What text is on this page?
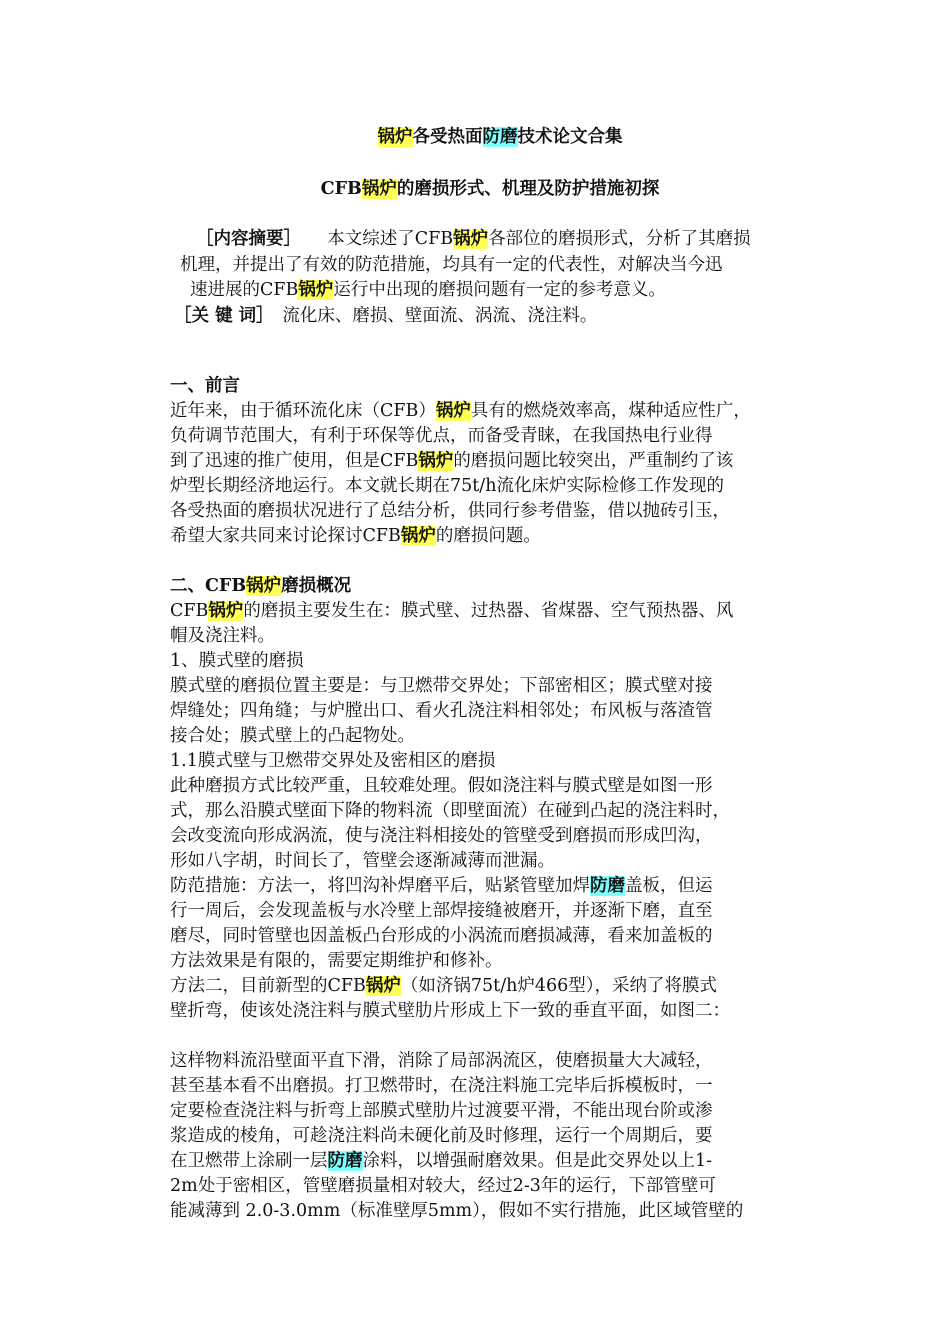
锅炉各受热面防磨技术论文合集
CFB锅炉的磨损形式、机理及防护措施初探
［内容摘要］　　本文综述了CFB锅炉各部位的磨损形式，分析了其磨损
机理，并提出了有效的防范措施，均具有一定的代表性，对解决当今迅
速进展的CFB锅炉运行中出现的磨损问题有一定的参考意义。
［关 键 词］　流化床、磨损、壁面流、涡流、浇注料。
一、前言
近年来，由于循环流化床（CFB）锅炉具有的燃烧效率高，煤种适应性广，
负荷调节范围大，有利于环保等优点，而备受青睐，在我国热电行业得
到了迅速的推广使用，但是CFB锅炉的磨损问题比较突出，严重制约了该
炉型长期经济地运行。本文就长期在75t/h流化床炉实际检修工作发现的
各受热面的磨损状况进行了总结分析，供同行参考借鉴，借以抛砖引玉，
希望大家共同来讨论探讨CFB锅炉的磨损问题。
二、CFB锅炉磨损概况
CFB锅炉的磨损主要发生在：膜式壁、过热器、省煤器、空气预热器、风
帽及浇注料。
1、膜式壁的磨损
膜式壁的磨损位置主要是：与卫燃带交界处；下部密相区；膜式壁对接
焊缝处；四角缝；与炉膛出口、看火孔浇注料相邻处；布风板与落渣管
接合处；膜式壁上的凸起物处。
1.1膜式壁与卫燃带交界处及密相区的磨损
此种磨损方式比较严重，且较难处理。假如浇注料与膜式壁是如图一形
式，那么沿膜式壁面下降的物料流（即壁面流）在碰到凸起的浇注料时，
会改变流向形成涡流，使与浇注料相接处的管壁受到磨损而形成凹沟，
形如八字胡，时间长了，管壁会逐渐减薄而泄漏。
防范措施：方法一，将凹沟补焊磨平后，贴紧管壁加焊防磨盖板，但运
行一周后，会发现盖板与水冷壁上部焊接缝被磨开，并逐渐下磨，直至
磨尽，同时管壁也因盖板凸台形成的小涡流而磨损减薄，看来加盖板的
方法效果是有限的，需要定期维护和修补。
方法二，目前新型的CFB锅炉（如济锅75t/h炉466型），采纳了将膜式
壁折弯，使该处浇注料与膜式壁肋片形成上下一致的垂直平面，如图二：
这样物料流沿壁面平直下滑，消除了局部涡流区，使磨损量大大减轻，
甚至基本看不出磨损。打卫燃带时，在浇注料施工完毕后拆模板时，一
定要检查浇注料与折弯上部膜式壁肋片过渡要平滑，不能出现台阶或渗
浆造成的棱角，可趁浇注料尚未硬化前及时修理，运行一个周期后，要
在卫燃带上涂刷一层防磨涂料，以增强耐磨效果。但是此交界处以上1-
2m处于密相区，管壁磨损量相对较大，经过2-3年的运行，下部管壁可
能减薄到 2.0-3.0mm（标准壁厚5mm），假如不实行措施，此区域管壁的
